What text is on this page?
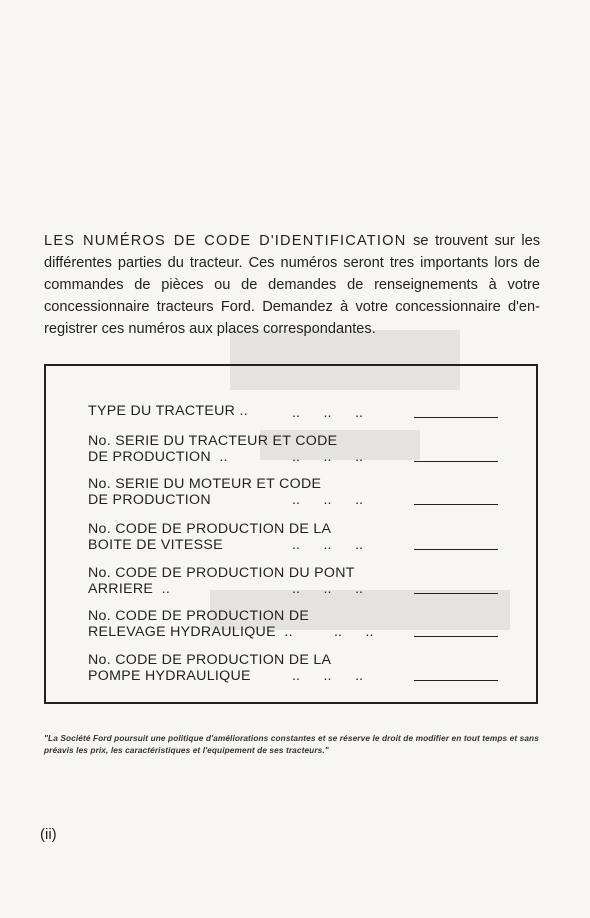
LES NUMÉROS DE CODE D'IDENTIFICATION se trouvent sur les différentes parties du tracteur. Ces numéros seront tres importants lors de commandes de pièces ou de demandes de renseignements à votre concessionnaire tracteurs Ford. Demandez à votre concessionnaire d'en-registrer ces numéros aux places correspondantes.
TYPE DU TRACTEUR ..	..      ..      ..
No. SERIE DU TRACTEUR ET CODE
DE PRODUCTION  ..	..      ..      ..
No. SERIE DU MOTEUR ET CODE
DE PRODUCTION	..      ..      ..
No. CODE DE PRODUCTION DE LA
BOITE DE VITESSE	..      ..      ..
No. CODE DE PRODUCTION DU PONT
ARRIERE  ..	..      ..      ..
No. CODE DE PRODUCTION DE
RELEVAGE HYDRAULIQUE  ..	..      ..
No. CODE DE PRODUCTION DE LA
POMPE HYDRAULIQUE	..      ..      ..
"La Société Ford poursuit une politique d'améliorations constantes et se réserve le droit de modifier en tout temps et sans préavis les prix, les caractéristiques et l'equipement de ses tracteurs."
(ii)
